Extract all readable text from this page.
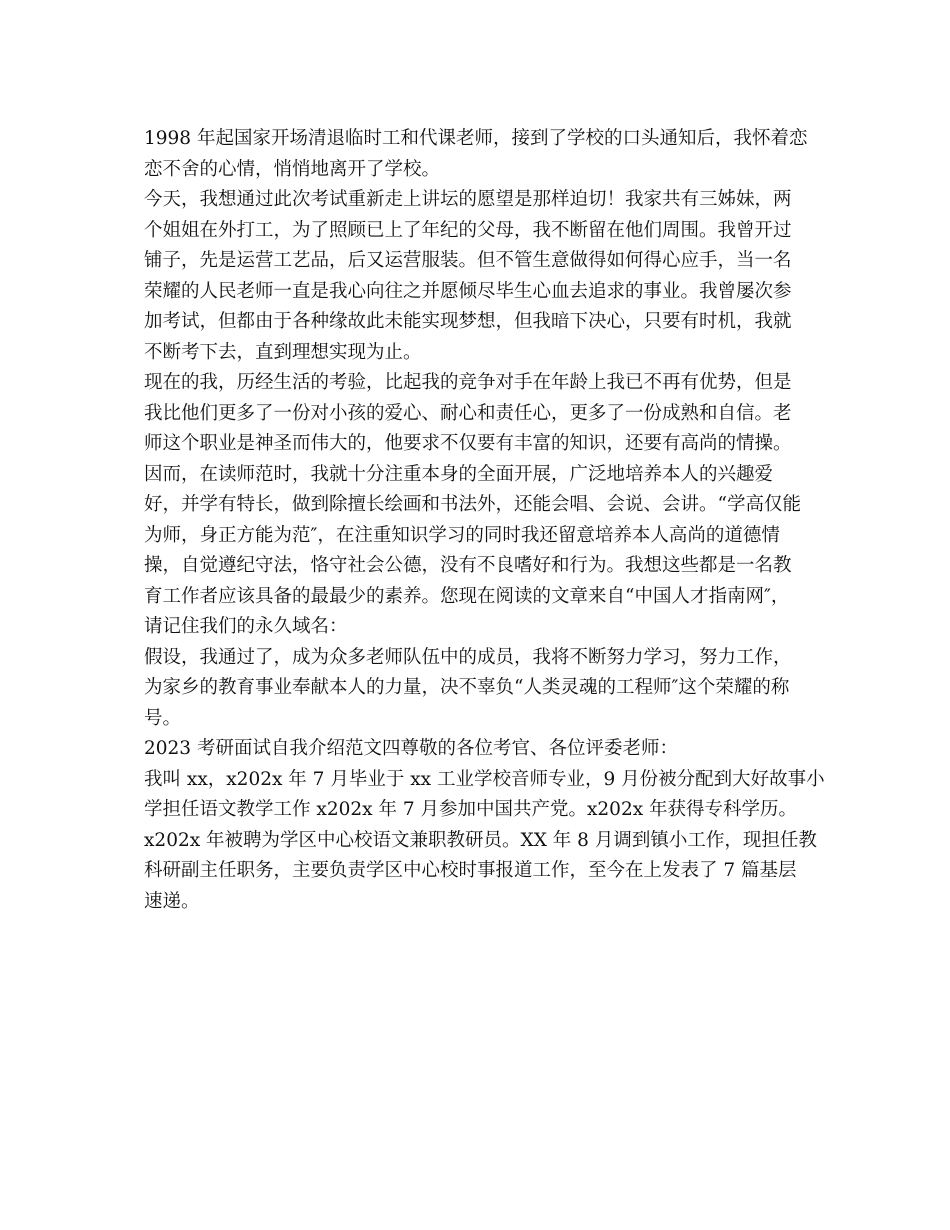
1998 年起国家开场清退临时工和代课老师，接到了学校的口头通知后，我怀着恋
恋不舍的心情，悄悄地离开了学校。
今天，我想通过此次考试重新走上讲坛的愿望是那样迫切！我家共有三姊妹，两
个姐姐在外打工，为了照顾已上了年纪的父母，我不断留在他们周围。我曾开过
铺子，先是运营工艺品，后又运营服装。但不管生意做得如何得心应手，当一名
荣耀的人民老师一直是我心向往之并愿倾尽毕生心血去追求的事业。我曾屡次参
加考试，但都由于各种缘故此未能实现梦想，但我暗下决心，只要有时机，我就
不断考下去，直到理想实现为止。
现在的我，历经生活的考验，比起我的竞争对手在年龄上我已不再有优势，但是
我比他们更多了一份对小孩的爱心、耐心和责任心，更多了一份成熟和自信。老
师这个职业是神圣而伟大的，他要求不仅要有丰富的知识，还要有高尚的情操。
因而，在读师范时，我就十分注重本身的全面开展，广泛地培养本人的兴趣爱
好，并学有特长，做到除擅长绘画和书法外，还能会唱、会说、会讲。“学高仅能
为师，身正方能为范″，在注重知识学习的同时我还留意培养本人高尚的道德情
操，自觉遵纪守法，恪守社会公德，没有不良嗜好和行为。我想这些都是一名教
育工作者应该具备的最最少的素养。您现在阅读的文章来自“中国人才指南网″，
请记住我们的永久域名：
假设，我通过了，成为众多老师队伍中的成员，我将不断努力学习，努力工作，
为家乡的教育事业奉献本人的力量，决不辜负“人类灵魂的工程师″这个荣耀的称
号。
2023 考研面试自我介绍范文四尊敬的各位考官、各位评委老师：
我叫 xx，x202x 年 7 月毕业于 xx 工业学校音师专业，9 月份被分配到大好故事小
学担任语文教学工作 x202x 年 7 月参加中国共产党。x202x 年获得专科学历。
x202x 年被聘为学区中心校语文兼职教研员。XX 年 8 月调到镇小工作，现担任教
科研副主任职务，主要负责学区中心校时事报道工作，至今在上发表了 7 篇基层
速递。
